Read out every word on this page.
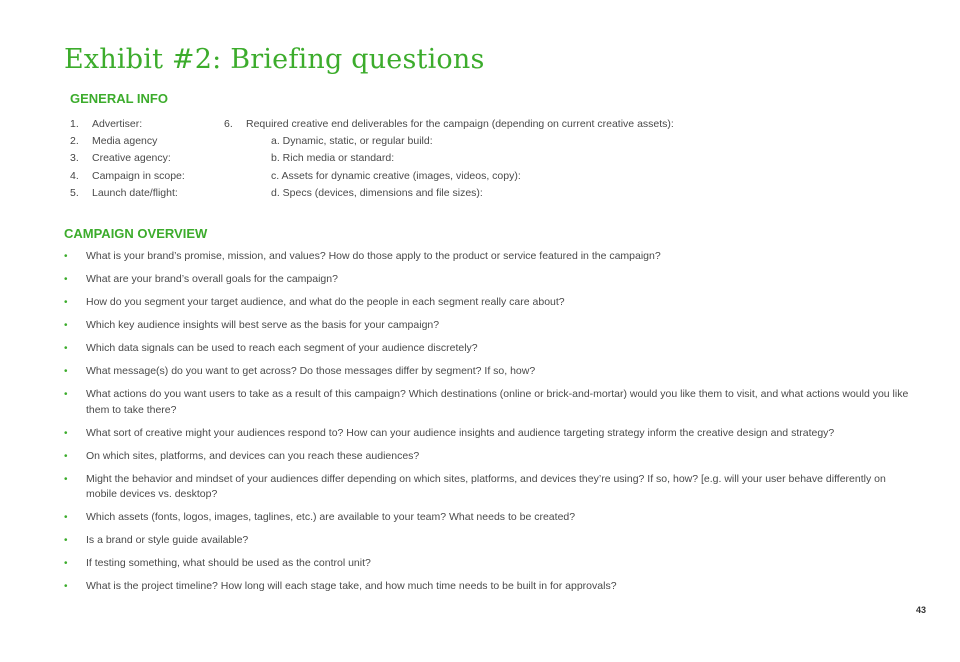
Exhibit #2: Briefing questions
GENERAL INFO
1. Advertiser:
2. Media agency
3. Creative agency:
4. Campaign in scope:
5. Launch date/flight:
6. Required creative end deliverables for the campaign (depending on current creative assets):
a. Dynamic, static, or regular build:
b. Rich media or standard:
c. Assets for dynamic creative (images, videos, copy):
d. Specs (devices, dimensions and file sizes):
CAMPAIGN OVERVIEW
• What is your brand’s promise, mission, and values? How do those apply to the product or service featured in the campaign?
• What are your brand’s overall goals for the campaign?
• How do you segment your target audience, and what do the people in each segment really care about?
• Which key audience insights will best serve as the basis for your campaign?
• Which data signals can be used to reach each segment of your audience discretely?
• What message(s) do you want to get across? Do those messages differ by segment? If so, how?
• What actions do you want users to take as a result of this campaign? Which destinations (online or brick-and-mortar) would you like them to visit, and what actions would you like them to take there?
• What sort of creative might your audiences respond to? How can your audience insights and audience targeting strategy inform the creative design and strategy?
• On which sites, platforms, and devices can you reach these audiences?
• Might the behavior and mindset of your audiences differ depending on which sites, platforms, and devices they’re using? If so, how? [e.g. will your user behave differently on mobile devices vs. desktop?
• Which assets (fonts, logos, images, taglines, etc.) are available to your team? What needs to be created?
• Is a brand or style guide available?
• If testing something, what should be used as the control unit?
• What is the project timeline? How long will each stage take, and how much time needs to be built in for approvals?
43
